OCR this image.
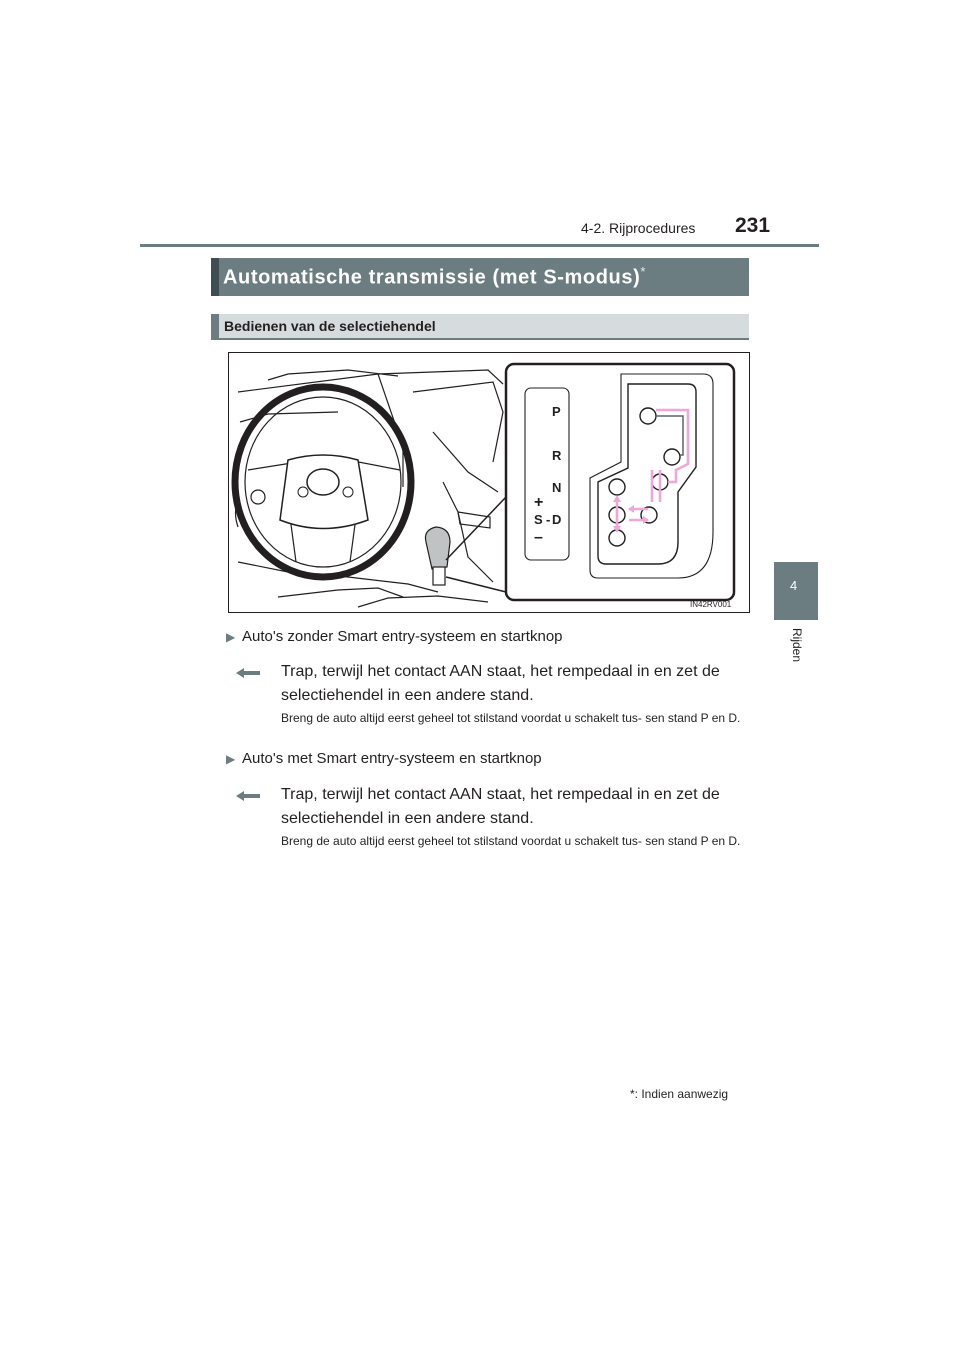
4-2. Rijprocedures 231
4
Rijden
Automatische transmissie (met S-modus)*
Bedienen van de selectiehendel
P
R
N
+
S - D
–
IN42RV001
▶ Auto's zonder Smart entry-systeem en startknop
Trap, terwijl het contact AAN staat, het rempedaal in en zet de selectiehendel in een andere stand.
Breng de auto altijd eerst geheel tot stilstand voordat u schakelt tus- sen stand P en D.
▶ Auto's met Smart entry-systeem en startknop
Trap, terwijl het contact AAN staat, het rempedaal in en zet de selectiehendel in een andere stand.
Breng de auto altijd eerst geheel tot stilstand voordat u schakelt tus- sen stand P en D.
*: Indien aanwezig
